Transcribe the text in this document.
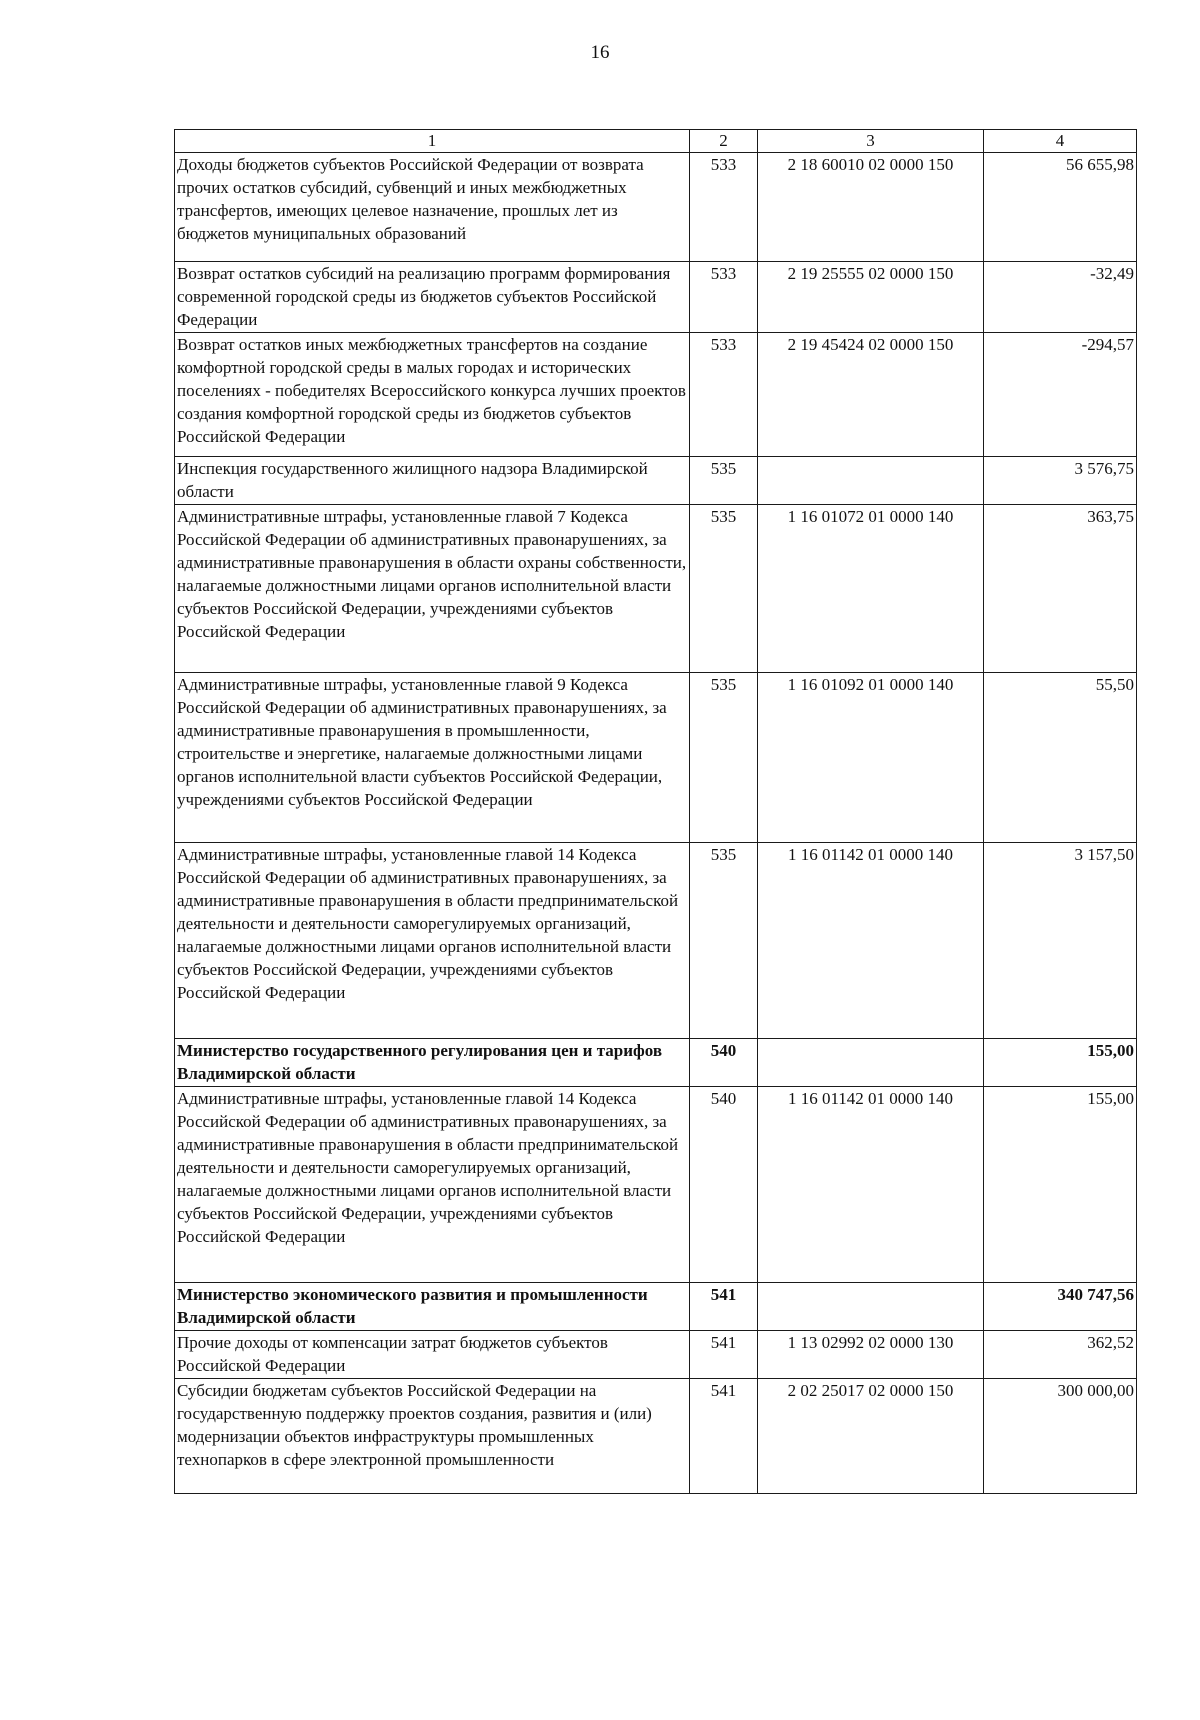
16
1	2	3	4
Доходы бюджетов субъектов Российской Федерации от возврата прочих остатков субсидий, субвенций и иных межбюджетных трансфертов, имеющих целевое назначение, прошлых лет из бюджетов муниципальных образований	533	2 18 60010 02 0000 150	56 655,98
Возврат остатков субсидий на реализацию программ формирования современной городской среды из бюджетов субъектов Российской Федерации	533	2 19 25555 02 0000 150	-32,49
Возврат остатков иных межбюджетных трансфертов на создание комфортной городской среды в малых городах и исторических поселениях - победителях Всероссийского конкурса лучших проектов создания комфортной городской среды из бюджетов субъектов Российской Федерации	533	2 19 45424 02 0000 150	-294,57
Инспекция государственного жилищного надзора Владимирской области	535		3 576,75
Административные штрафы, установленные главой 7 Кодекса Российской Федерации об административных правонарушениях, за административные правонарушения в области охраны собственности, налагаемые должностными лицами органов исполнительной власти субъектов Российской Федерации, учреждениями субъектов Российской Федерации	535	1 16 01072 01 0000 140	363,75
Административные штрафы, установленные главой 9 Кодекса Российской Федерации об административных правонарушениях, за административные правонарушения в промышленности, строительстве и энергетике, налагаемые должностными лицами органов исполнительной власти субъектов Российской Федерации, учреждениями субъектов Российской Федерации	535	1 16 01092 01 0000 140	55,50
Административные штрафы, установленные главой 14 Кодекса Российской Федерации об административных правонарушениях, за административные правонарушения в области предпринимательской деятельности и деятельности саморегулируемых организаций, налагаемые должностными лицами органов исполнительной власти субъектов Российской Федерации, учреждениями субъектов Российской Федерации	535	1 16 01142 01 0000 140	3 157,50
Министерство государственного регулирования цен и тарифов Владимирской области	540		155,00
Административные штрафы, установленные главой 14 Кодекса Российской Федерации об административных правонарушениях, за административные правонарушения в области предпринимательской деятельности и деятельности саморегулируемых организаций, налагаемые должностными лицами органов исполнительной власти субъектов Российской Федерации, учреждениями субъектов Российской Федерации	540	1 16 01142 01 0000 140	155,00
Министерство экономического развития и промышленности Владимирской области	541		340 747,56
Прочие доходы от компенсации затрат бюджетов субъектов Российской Федерации	541	1 13 02992 02 0000 130	362,52
Субсидии бюджетам субъектов Российской Федерации на государственную поддержку проектов создания, развития и (или) модернизации объектов инфраструктуры промышленных технопарков в сфере электронной промышленности	541	2 02 25017 02 0000 150	300 000,00
